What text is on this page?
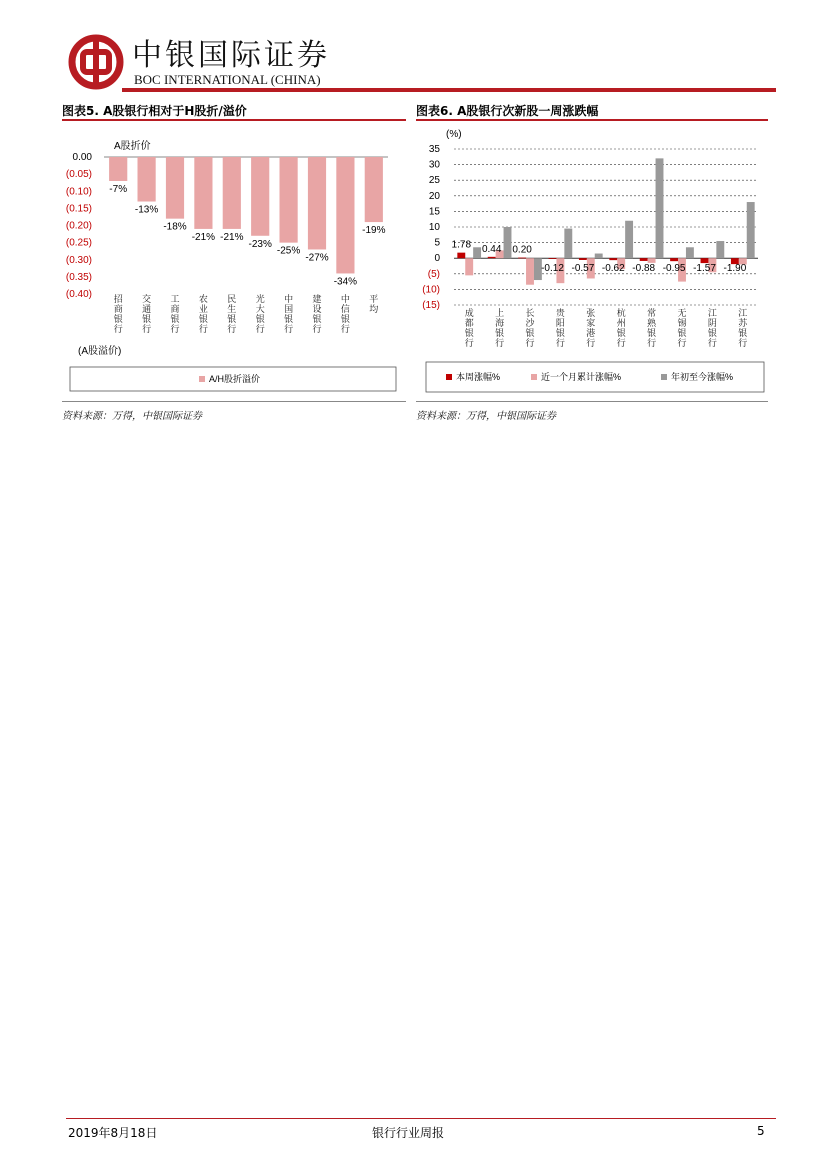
中银国际证券
BOC INTERNATIONAL (CHINA)
图表5. A股银行相对于H股折/溢价
A股折价
0.00
(0.05)
(0.10)
(0.15)
(0.20)
(0.25)
(0.30)
(0.35)
(0.40)
-7%
招商银行
-13%
交通银行
-18%
工商银行
-21%
农业银行
-21%
民生银行
-23%
光大银行
-25%
中国银行
-27%
建设银行
-34%
中信银行
-19%
平均
(A股溢价)
A/H股折溢价
资料来源：万得，中银国际证券
图表6. A股银行次新股一周涨跌幅
(%)
35
30
25
20
15
10
5
0
(5)
(10)
(15)
1.78
成都银行
0.44
上海银行
0.20
长沙银行
-0.12
贵阳银行
-0.57
张家港行
-0.62
杭州银行
-0.88
常熟银行
-0.95
无锡银行
-1.57
江阴银行
-1.90
江苏银行
本周涨幅%	近一个月累计涨幅%	年初至今涨幅%
资料来源：万得，中银国际证券
2019年8月18日	银行行业周报	5
